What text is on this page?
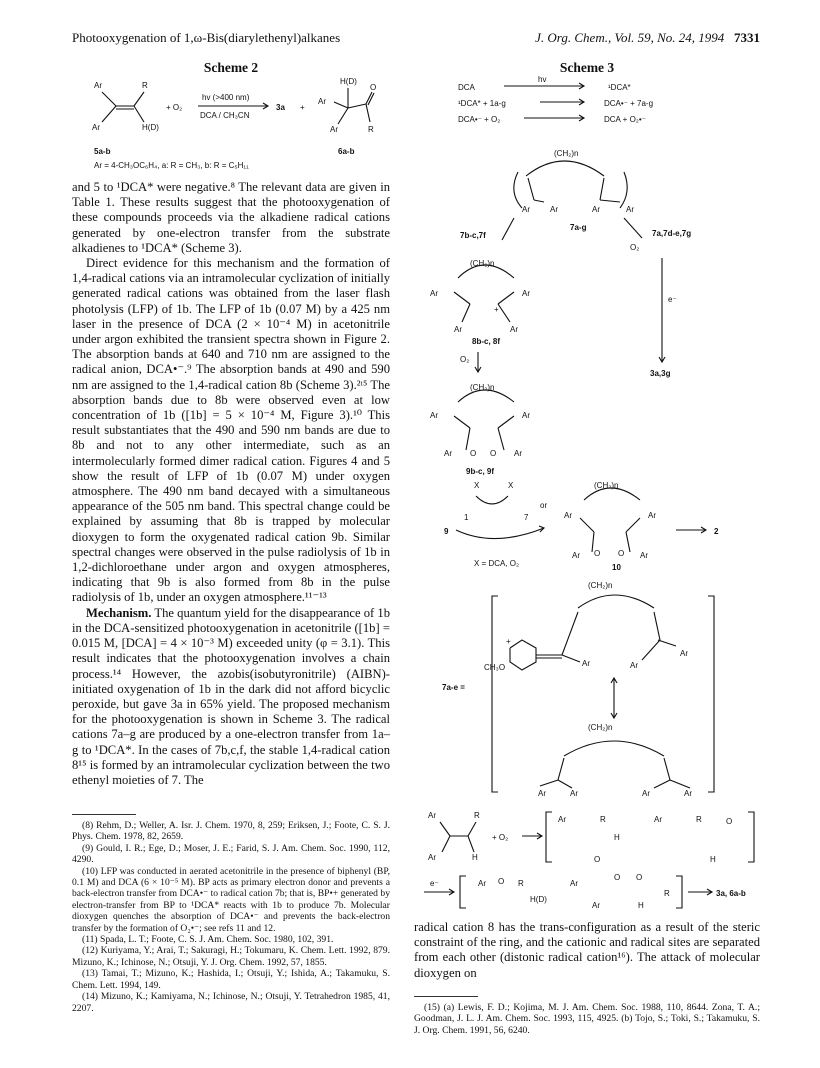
Photooxygenation of 1,ω-Bis(diarylethenyl)alkanes	J. Org. Chem., Vol. 59, No. 24, 1994 7331
Scheme 2
Ar	R
Ar	H(D)
+ O₂
hv (>400 nm)
DCA / CH₃CN
3a +
H(D)
O
Ar
Ar	R
5a-b	6a-b
Ar = 4-CH₃OC₆H₄, a: R = CH₃, b: R = C₅H₁₁

and 5 to ¹DCA* were negative.⁸ The relevant data are given in Table 1. These results suggest that the photooxygenation of these compounds proceeds via the alkadiene radical cations generated by one-electron transfer from the substrate alkadienes to ¹DCA* (Scheme 3).

Direct evidence for this mechanism and the formation of 1,4-radical cations via an intramolecular cyclization of initially generated radical cations was obtained from the laser flash photolysis (LFP) of 1b. The LFP of 1b (0.07 M) by a 425 nm laser in the presence of DCA (2 × 10⁻⁴ M) in acetonitrile under argon exhibited the transient spectra shown in Figure 2. The absorption bands at 640 and 710 nm are assigned to the radical anion, DCA•⁻.⁹ The absorption bands at 490 and 590 nm are assigned to the 1,4-radical cation 8b (Scheme 3).²ᵗ⁵ The absorption bands due to 8b were observed even at low concentration of 1b ([1b] = 5 × 10⁻⁴ M, Figure 3).¹⁰ This result substantiates that the 490 and 590 nm bands are due to 8b and not to any other intermediate, such as an intermolecularly formed dimer radical cation. Figures 4 and 5 show the result of LFP of 1b (0.07 M) under oxygen atmosphere. The 490 nm band decayed with a simultaneous appearance of the 505 nm band. This spectral change could be explained by assuming that 8b is trapped by molecular dioxygen to form the oxygenated radical cation 9b. Similar spectral changes were observed in the pulse radiolysis of 1b in 1,2-dichloroethane under argon and oxygen atmospheres, indicating that 9b is also formed from 8b in the pulse radiolysis of 1b, under an oxygen atmosphere.¹¹⁻¹³

Mechanism. The quantum yield for the disappearance of 1b in the DCA-sensitized photooxygenation in acetonitrile ([1b] = 0.015 M, [DCA] = 4 × 10⁻³ M) exceeded unity (φ = 3.1). This result indicates that the photooxygenation involves a chain process.¹⁴ However, the azobis(isobutyronitrile) (AIBN)-initiated oxygenation of 1b in the dark did not afford bicyclic peroxide, but gave 3a in 65% yield. The proposed mechanism for the photooxygenation is shown in Scheme 3. The radical cations 7a–g are produced by a one-electron transfer from 1a–g to ¹DCA*. In the cases of 7b,c,f, the stable 1,4-radical cation 8¹⁵ is formed by an intramolecular cyclization between the two ethenyl moieties of 7. The

(8) Rehm, D.; Weller, A. Isr. J. Chem. 1970, 8, 259; Eriksen, J.; Foote, C. S. J. Phys. Chem. 1978, 82, 2659.

(9) Gould, I. R.; Ege, D.; Moser, J. E.; Farid, S. J. Am. Chem. Soc. 1990, 112, 4290.

(10) LFP was conducted in aerated acetonitrile in the presence of biphenyl (BP, 0.1 M) and DCA (6 × 10⁻⁵ M). BP acts as primary electron donor and prevents a back-electron transfer from DCA•⁻ to radical cation 7b; that is, BP•+ generated by electron-transfer from BP to ¹DCA* reacts with 1b to produce 7b. Molecular dioxygen quenches the absorption of DCA•⁻ and prevents the back-electron transfer by the formation of O₂•⁻; see refs 11 and 12.

(11) Spada, L. T.; Foote, C. S. J. Am. Chem. Soc. 1980, 102, 391.

(12) Kuriyama, Y.; Arai, T.; Sakuragi, H.; Tokumaru, K. Chem. Lett. 1992, 879. Mizuno, K.; Ichinose, N.; Otsuji, Y. J. Org. Chem. 1992, 57, 1855.

(13) Tamai, T.; Mizuno, K.; Hashida, I.; Otsuji, Y.; Ishida, A.; Takamuku, S. Chem. Lett. 1994, 149.

(14) Mizuno, K.; Kamiyama, N.; Ichinose, N.; Otsuji, Y. Tetrahedron 1985, 41, 2207.

Scheme 3
DCA
hv
¹DCA*
¹DCA* + 1a-g	DCA•⁻ + 7a-g
DCA•⁻ + O₂	DCA + O₂•⁻
(CH₂)n
Ar	Ar	Ar	Ar
7b-c,7f
7a-g
7a,7d-e,7g
O₂
(CH₂)n
Ar	Ar
+
Ar	Ar
8b-c, 8f
e⁻
3a,3g
O₂
(CH₂)n
Ar	Ar
O O
Ar	Ar
9b-c, 9f
X	X
or
1	7
9
(CH₂)n
Ar	Ar
O O
Ar	Ar
10
2
X = DCA, O₂
(CH₂)n
+
Ar
CH₃O	Ar
Ar
7a-e =
(CH₂)n
Ar	Ar	Ar	Ar
Ar	R
Ar	H
+ O₂
Ar	R
H
O
Ar	R	O
H
e⁻	Ar O R
H(D)
Ar
O O
R
Ar	H
3a, 6a-b

radical cation 8 has the trans-configuration as a result of the steric constraint of the ring, and the cationic and radical sites are separated from each other (distonic radical cation¹⁶). The attack of molecular dioxygen on

(15) (a) Lewis, F. D.; Kojima, M. J. Am. Chem. Soc. 1988, 110, 8644. Zona, T. A.; Goodman, J. L. J. Am. Chem. Soc. 1993, 115, 4925. (b) Tojo, S.; Toki, S.; Takamuku, S. J. Org. Chem. 1991, 56, 6240.
